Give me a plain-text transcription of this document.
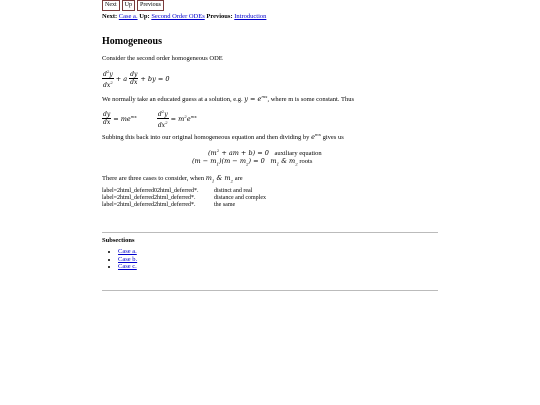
Next	Up	Previous
Next: Case a. Up: Second Order ODEs Previous: Introduction
Homogeneous
Consider the second order homogeneous ODE
$\frac{d^2y}{dx^2} + a \frac{dy}{dx}$ + by = 0
We normally take an educated guess at a solution, e.g. $y = e^{mx}$, where m is some constant. Thus
$\frac{dy}{dx} = me^{mx}$	$\frac{d^2y}{dx^2} = m^2e^{mx}$
Subbing this back into our original homogeneous equation and then dividing by $e^{mx}$ gives us
($m^2$ + am + b) = 0 auxiliary equation
$(m - m_1)(m - m_2) = 0$ $m_1$ & $m_2$ roots
There are three cases to consider, when $m_1$ & $m_2$ are
label=2html_deferred02html_deferred*.	distinct and real
label=2html_deferred2html_deferred*.	distance and complex
label=2html_deferred2html_deferred*.	the same
Subsections
• Case a.
• Case b.
• Case c.
